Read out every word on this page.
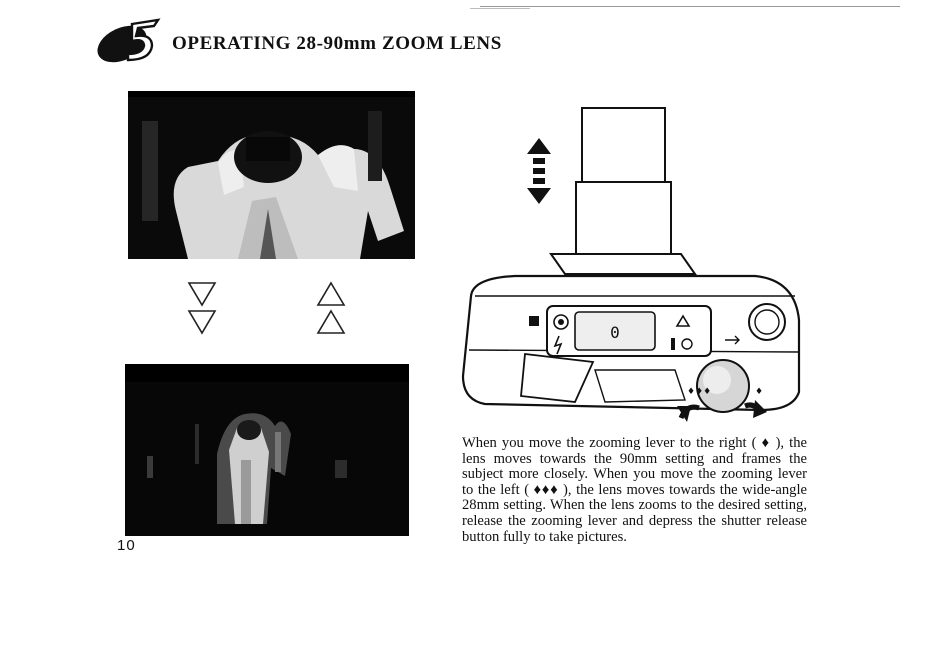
OPERATING 28-90mm ZOOM LENS
0
♦♦♦	♦

When you move the zooming lever to the right ( ♦ ), the lens moves towards the 90mm setting and frames the subject more closely. When you move the zooming lever to the left ( ♦♦♦ ), the lens moves towards the wide-angle 28mm setting. When the lens zooms to the desired setting, release the zooming lever and depress the shutter release button fully to take pictures.

10
